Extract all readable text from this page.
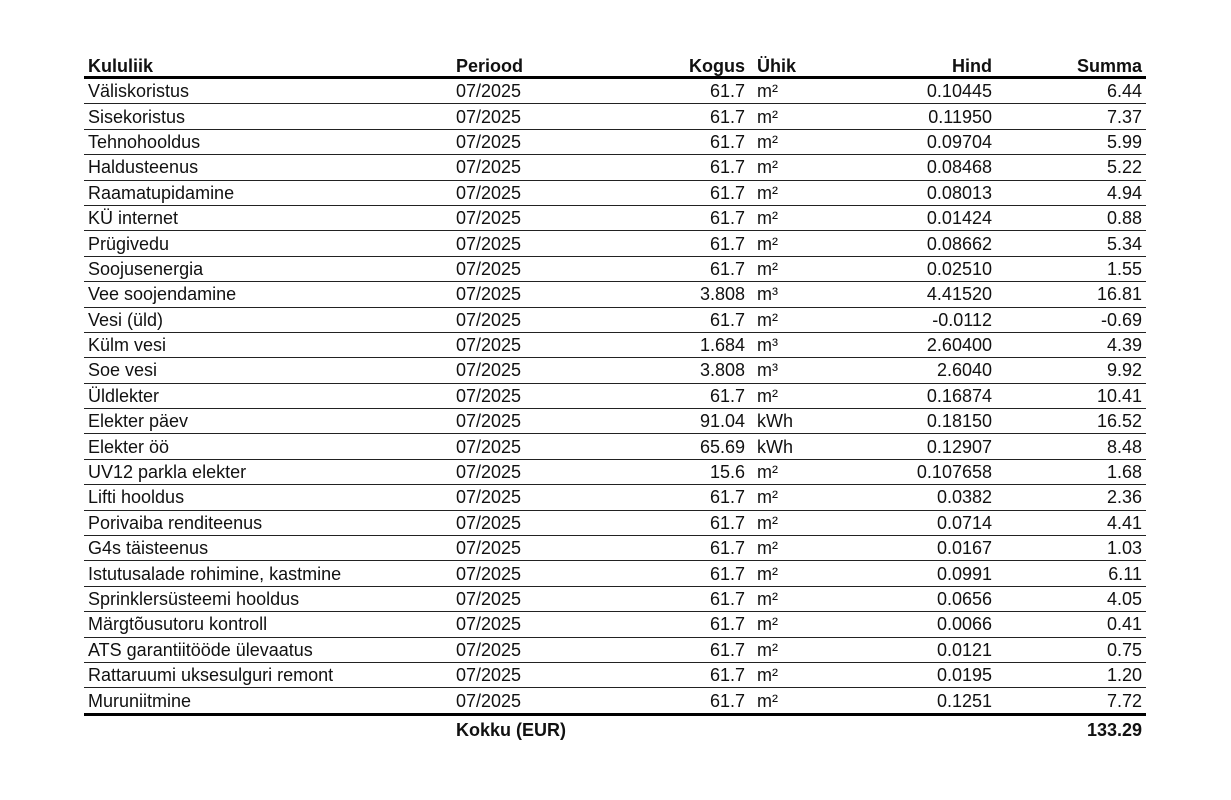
Kululiik	Periood	Kogus	Ühik	Hind	Summa
Väliskoristus	07/2025	61.7	m²	0.10445	6.44
Sisekoristus	07/2025	61.7	m²	0.11950	7.37
Tehnohooldus	07/2025	61.7	m²	0.09704	5.99
Haldusteenus	07/2025	61.7	m²	0.08468	5.22
Raamatupidamine	07/2025	61.7	m²	0.08013	4.94
KÜ internet	07/2025	61.7	m²	0.01424	0.88
Prügivedu	07/2025	61.7	m²	0.08662	5.34
Soojusenergia	07/2025	61.7	m²	0.02510	1.55
Vee soojendamine	07/2025	3.808	m³	4.41520	16.81
Vesi (üld)	07/2025	61.7	m²	-0.0112	-0.69
Külm vesi	07/2025	1.684	m³	2.60400	4.39
Soe vesi	07/2025	3.808	m³	2.6040	9.92
Üldlekter	07/2025	61.7	m²	0.16874	10.41
Elekter päev	07/2025	91.04	kWh	0.18150	16.52
Elekter öö	07/2025	65.69	kWh	0.12907	8.48
UV12 parkla elekter	07/2025	15.6	m²	0.107658	1.68
Lifti hooldus	07/2025	61.7	m²	0.0382	2.36
Porivaiba renditeenus	07/2025	61.7	m²	0.0714	4.41
G4s täisteenus	07/2025	61.7	m²	0.0167	1.03
Istutusalade rohimine, kastmine	07/2025	61.7	m²	0.0991	6.11
Sprinklersüsteemi hooldus	07/2025	61.7	m²	0.0656	4.05
Märgtõusutoru kontroll	07/2025	61.7	m²	0.0066	0.41
ATS garantiitööde ülevaatus	07/2025	61.7	m²	0.0121	0.75
Rattaruumi uksesulguri remont	07/2025	61.7	m²	0.0195	1.20
Muruniitmine	07/2025	61.7	m²	0.1251	7.72
	Kokku (EUR)				133.29
